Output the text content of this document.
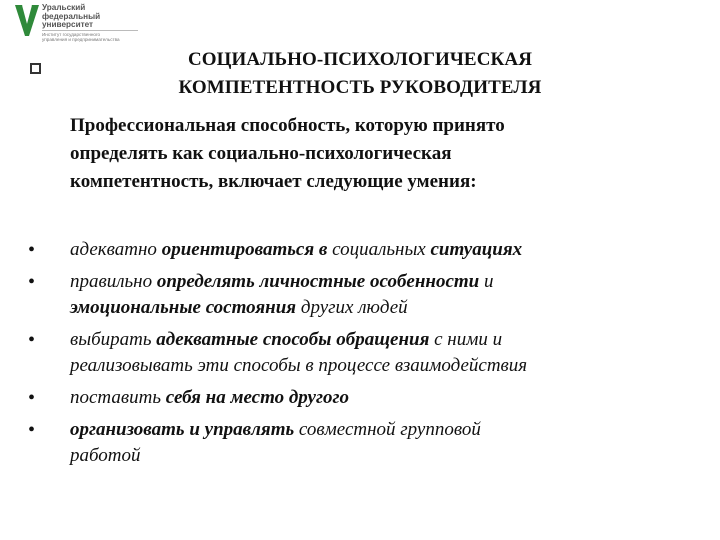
Уральский
федеральный
университет
Институт государственного
управления и предпринимательства
СОЦИАЛЬНО-ПСИХОЛОГИЧЕСКАЯ
КОМПЕТЕНТНОСТЬ РУКОВОДИТЕЛЯ
Профессиональная способность, которую принято
определять как социально-психологическая
компетентность, включает следующие умения:
• адекватно ориентироваться в социальных ситуациях
• правильно определять личностные особенности и
эмоциональные состояния других людей
• выбирать адекватные способы обращения с ними и
реализовывать эти способы в процессе взаимодействия
• поставить себя на место другого
• организовать и управлять совместной групповой
работой
